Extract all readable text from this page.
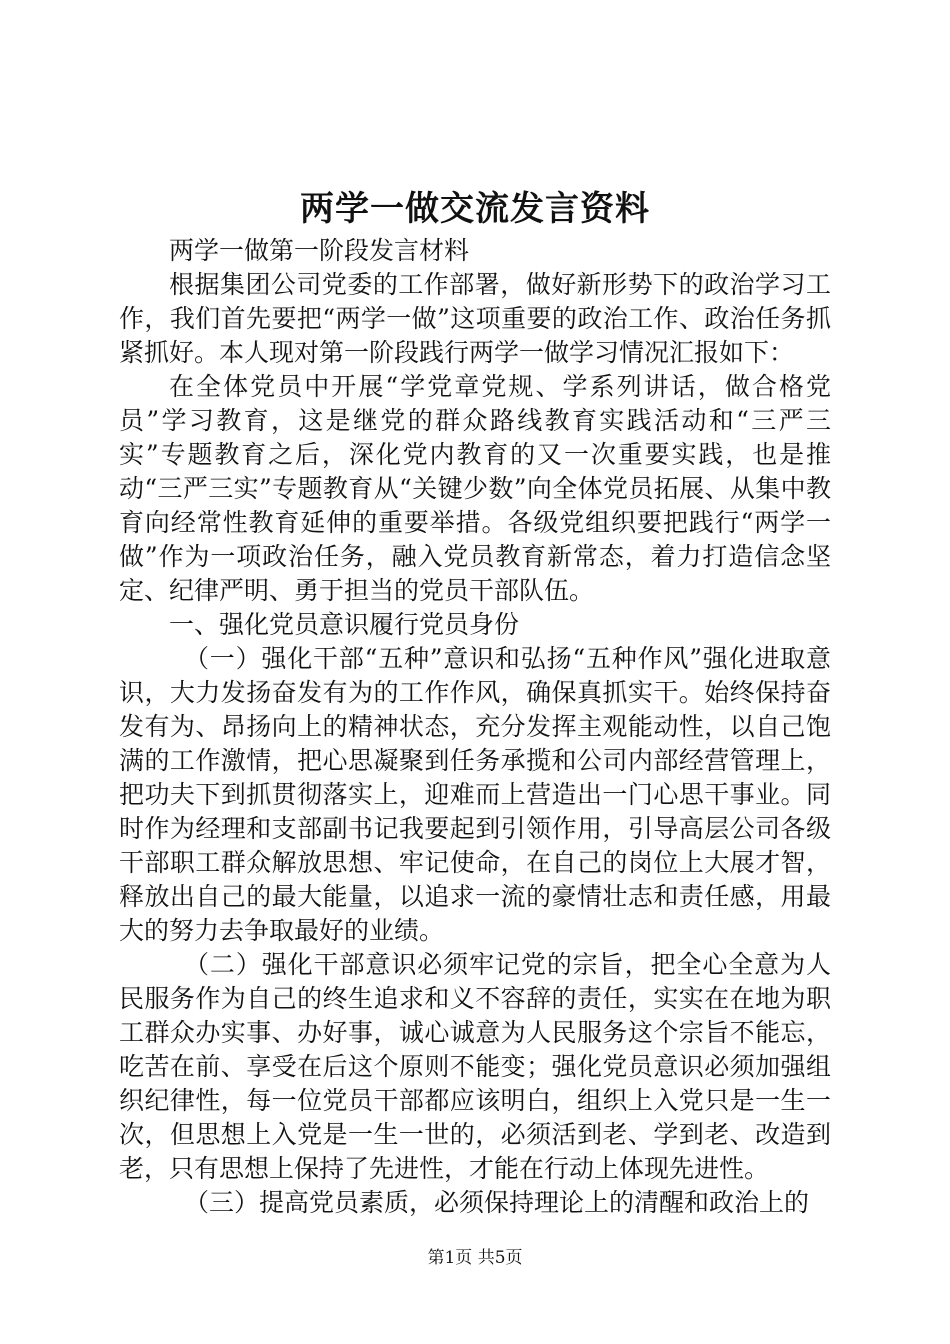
两学一做交流发言资料

两学一做第一阶段发言材料

根据集团公司党委的工作部署，做好新形势下的政治学习工作，我们首先要把“两学一做”这项重要的政治工作、政治任务抓紧抓好。本人现对第一阶段践行两学一做学习情况汇报如下：

在全体党员中开展“学党章党规、学系列讲话，做合格党员”学习教育，这是继党的群众路线教育实践活动和“三严三实”专题教育之后，深化党内教育的又一次重要实践，也是推动“三严三实”专题教育从“关键少数”向全体党员拓展、从集中教育向经常性教育延伸的重要举措。各级党组织要把践行“两学一做”作为一项政治任务，融入党员教育新常态，着力打造信念坚定、纪律严明、勇于担当的党员干部队伍。

一、强化党员意识履行党员身份

（一）强化干部“五种”意识和弘扬“五种作风”强化进取意识，大力发扬奋发有为的工作作风，确保真抓实干。始终保持奋发有为、昂扬向上的精神状态，充分发挥主观能动性，以自己饱满的工作激情，把心思凝聚到任务承揽和公司内部经营管理上，把功夫下到抓贯彻落实上，迎难而上营造出一门心思干事业。同时作为经理和支部副书记我要起到引领作用，引导高层公司各级干部职工群众解放思想、牢记使命，在自己的岗位上大展才智，释放出自己的最大能量，以追求一流的豪情壮志和责任感，用最大的努力去争取最好的业绩。

（二）强化干部意识必须牢记党的宗旨，把全心全意为人民服务作为自己的终生追求和义不容辞的责任，实实在在地为职工群众办实事、办好事，诚心诚意为人民服务这个宗旨不能忘，吃苦在前、享受在后这个原则不能变；强化党员意识必须加强组织纪律性，每一位党员干部都应该明白，组织上入党只是一生一次，但思想上入党是一生一世的，必须活到老、学到老、改造到老，只有思想上保持了先进性，才能在行动上体现先进性。

（三）提高党员素质，必须保持理论上的清醒和政治上的

第1页 共5页
